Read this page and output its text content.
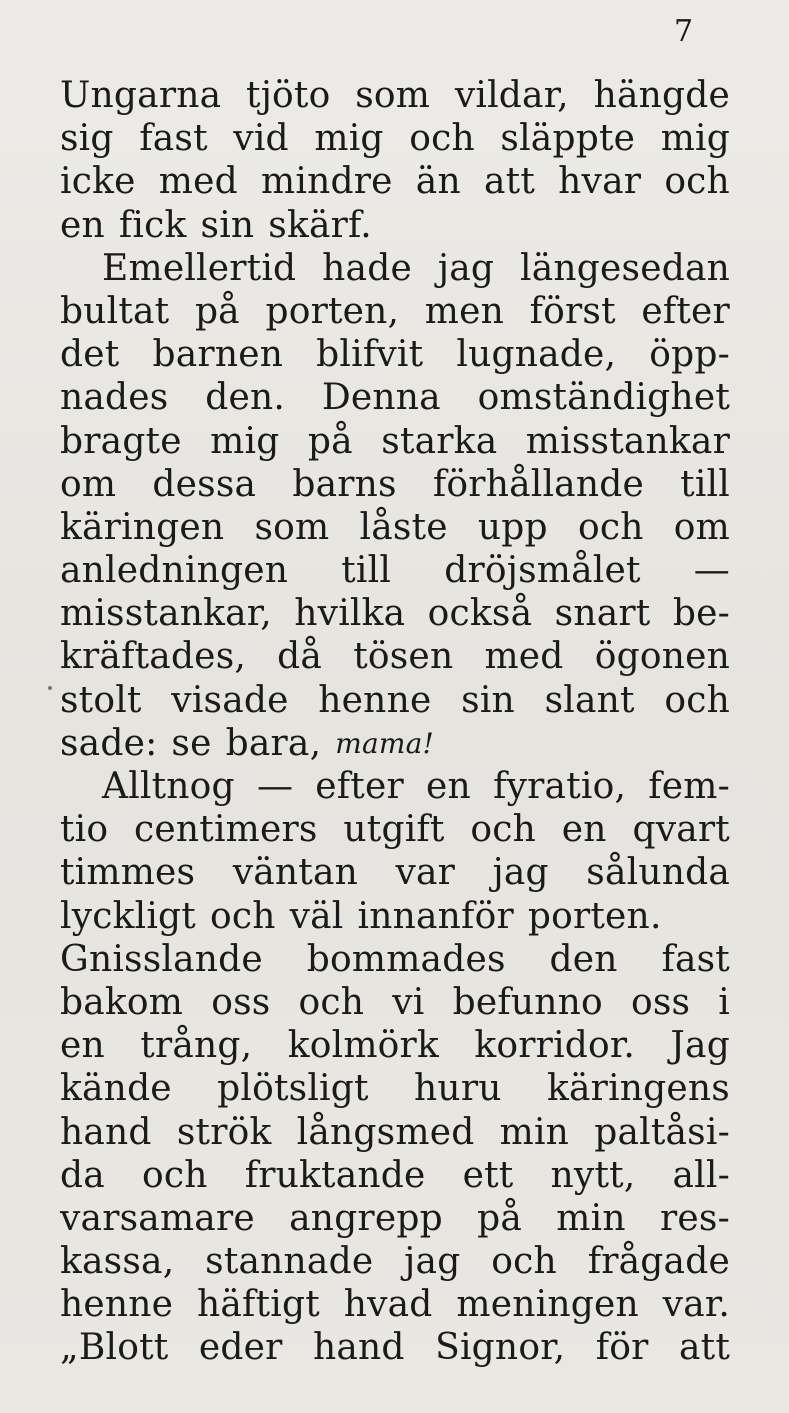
7
Ungarna tjöto som vildar, hängde
sig fast vid mig och släppte mig
icke med mindre än att hvar och
en fick sin skärf.
Emellertid hade jag längesedan
bultat på porten, men först efter
det barnen blifvit lugnade, öpp-
nades den. Denna omständighet
bragte mig på starka misstankar
om dessa barns förhållande till
käringen som låste upp och om
anledningen till dröjsmålet —
misstankar, hvilka också snart be-
kräftades, då tösen med ögonen
stolt visade henne sin slant och
sade: se bara, mama!
Alltnog — efter en fyratio, fem-
tio centimers utgift och en qvart
timmes väntan var jag sålunda
lyckligt och väl innanför porten.
Gnisslande bommades den fast
bakom oss och vi befunno oss i
en trång, kolmörk korridor. Jag
kände plötsligt huru käringens
hand strök långsmed min paltåsi-
da och fruktande ett nytt, all-
varsamare angrepp på min res-
kassa, stannade jag och frågade
henne häftigt hvad meningen var.
„Blott eder hand Signor, för att
